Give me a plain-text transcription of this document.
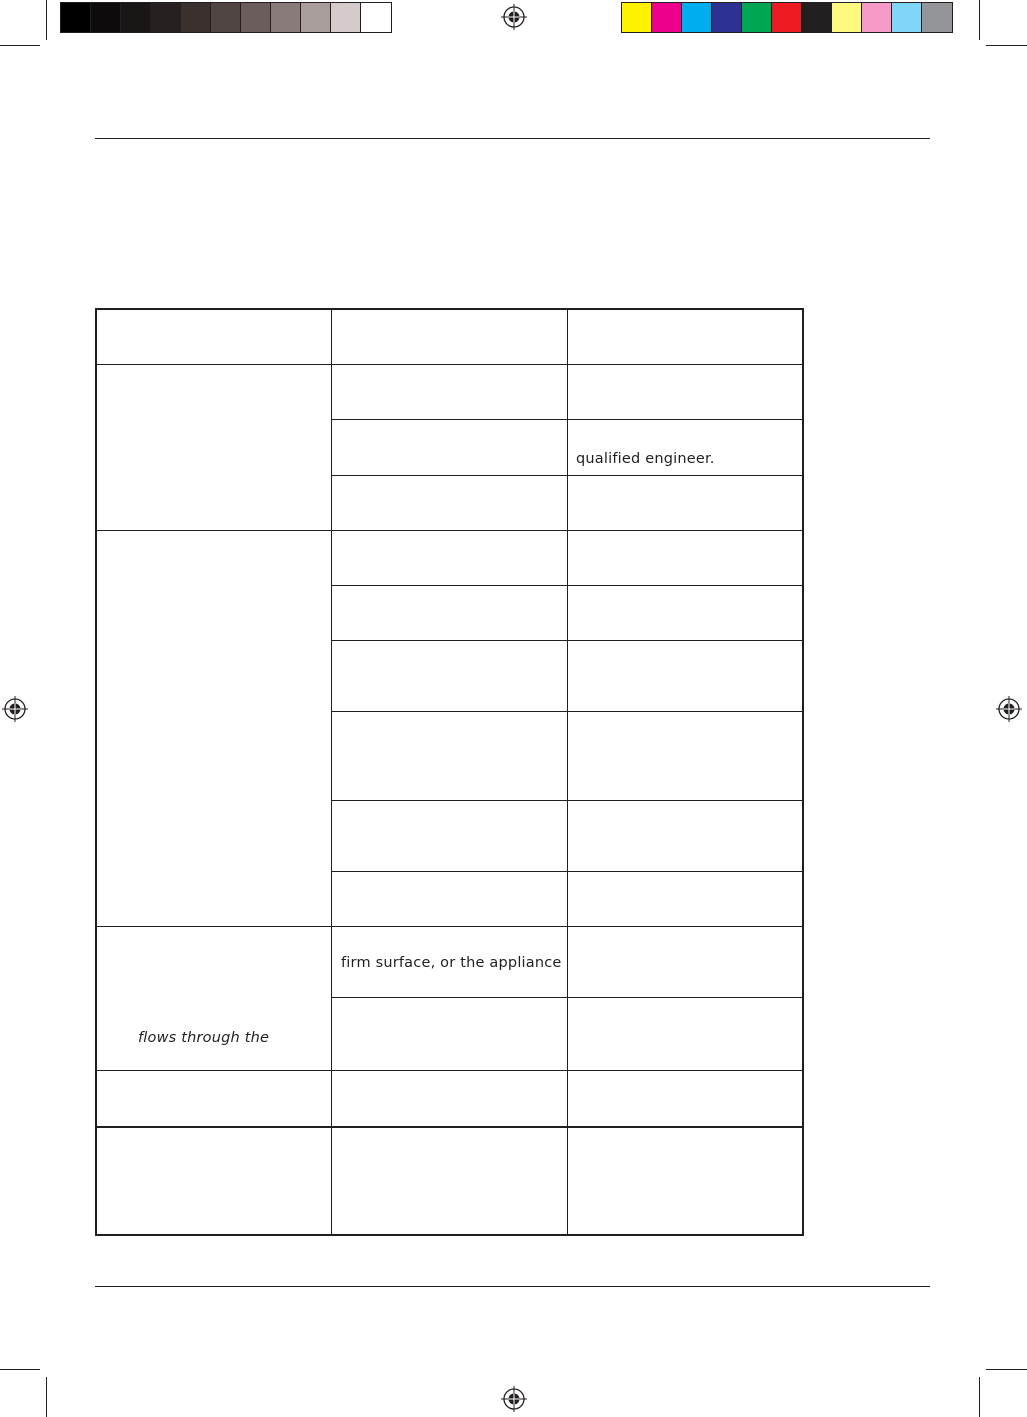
qualified engineer.
flows through the
firm surface, or the appliance
